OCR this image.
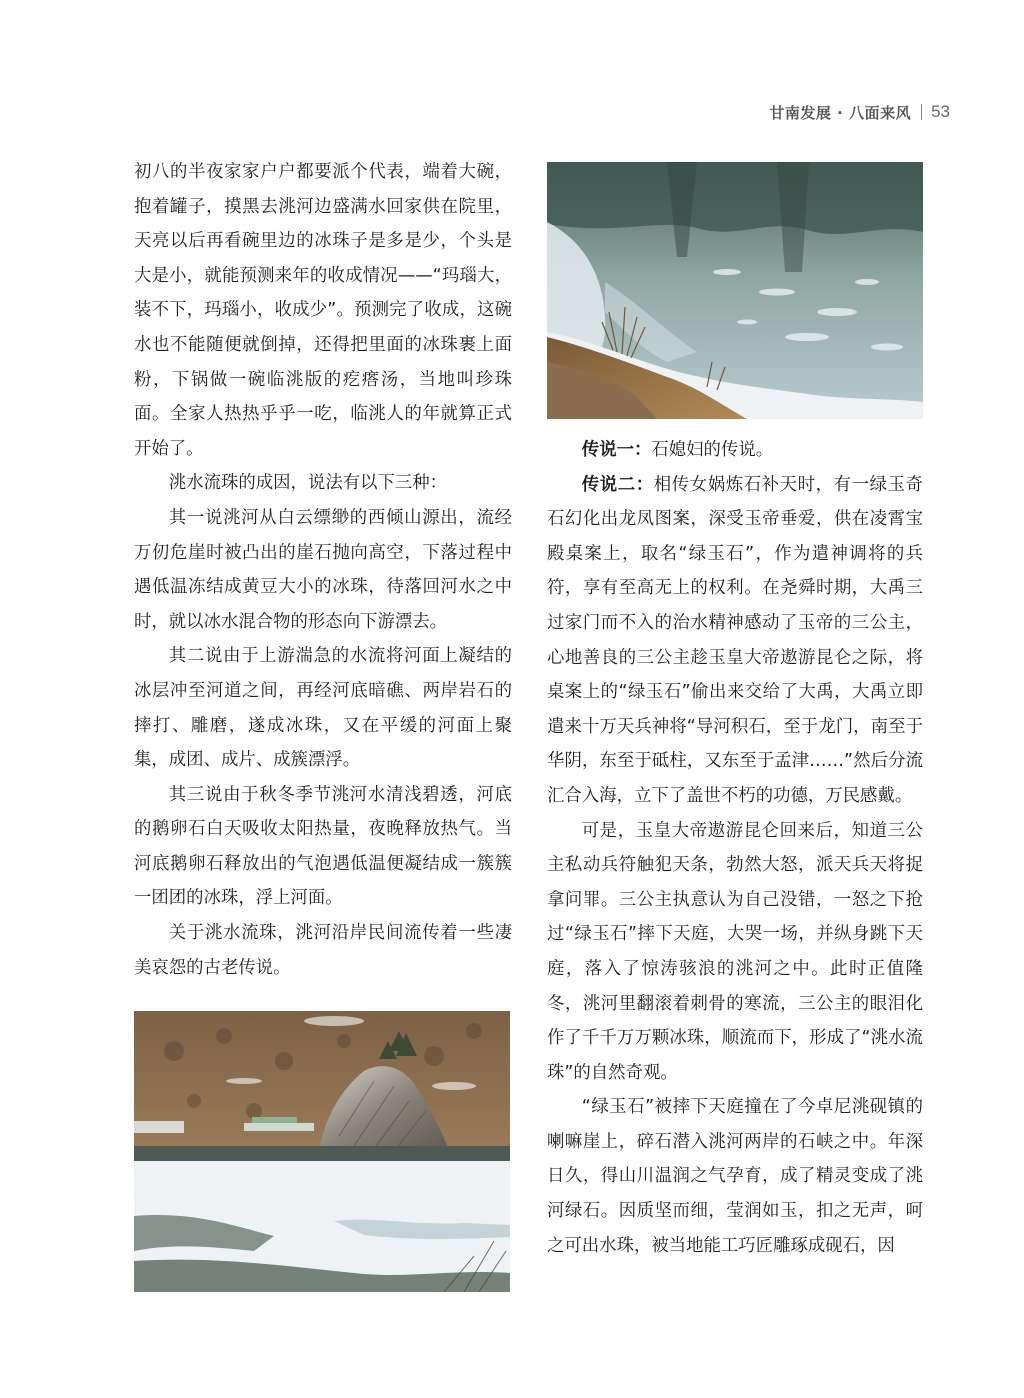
甘南发展 · 八面来风 53

初八的半夜家家户户都要派个代表，端着大碗，抱着罐子，摸黑去洮河边盛满水回家供在院里，天亮以后再看碗里边的冰珠子是多是少，个头是大是小，就能预测来年的收成情况——“玛瑙大，装不下，玛瑙小，收成少”。预测完了收成，这碗水也不能随便就倒掉，还得把里面的冰珠裹上面粉，下锅做一碗临洮版的疙瘩汤，当地叫珍珠面。全家人热热乎乎一吃，临洮人的年就算正式开始了。

洮水流珠的成因，说法有以下三种：

其一说洮河从白云缥缈的西倾山源出，流经万仞危崖时被凸出的崖石抛向高空，下落过程中遇低温冻结成黄豆大小的冰珠，待落回河水之中时，就以冰水混合物的形态向下游漂去。

其二说由于上游湍急的水流将河面上凝结的冰层冲至河道之间，再经河底暗礁、两岸岩石的摔打、雕磨，遂成冰珠，又在平缓的河面上聚集，成团、成片、成簇漂浮。

其三说由于秋冬季节洮河水清浅碧透，河底的鹅卵石白天吸收太阳热量，夜晚释放热气。当河底鹅卵石释放出的气泡遇低温便凝结成一簇簇一团团的冰珠，浮上河面。

关于洮水流珠，洮河沿岸民间流传着一些凄美哀怨的古老传说。

传说一：石媳妇的传说。

传说二：相传女娲炼石补天时，有一绿玉奇石幻化出龙凤图案，深受玉帝垂爱，供在凌霄宝殿桌案上，取名“绿玉石”，作为遣神调将的兵符，享有至高无上的权利。在尧舜时期，大禹三过家门而不入的治水精神感动了玉帝的三公主，心地善良的三公主趁玉皇大帝遨游昆仑之际，将桌案上的“绿玉石”偷出来交给了大禹，大禹立即遣来十万天兵神将“导河积石，至于龙门，南至于华阴，东至于砥柱，又东至于孟津……”然后分流汇合入海，立下了盖世不朽的功德，万民感戴。

可是，玉皇大帝遨游昆仑回来后，知道三公主私动兵符触犯天条，勃然大怒，派天兵天将捉拿问罪。三公主执意认为自己没错，一怒之下抢过“绿玉石”摔下天庭，大哭一场，并纵身跳下天庭，落入了惊涛骇浪的洮河之中。此时正值隆冬，洮河里翻滚着刺骨的寒流，三公主的眼泪化作了千千万万颗冰珠，顺流而下，形成了“洮水流珠”的自然奇观。

“绿玉石”被摔下天庭撞在了今卓尼洮砚镇的喇嘛崖上，碎石潜入洮河两岸的石峡之中。年深日久，得山川温润之气孕育，成了精灵变成了洮河绿石。因质坚而细，莹润如玉，扣之无声，呵之可出水珠，被当地能工巧匠雕琢成砚石，因
